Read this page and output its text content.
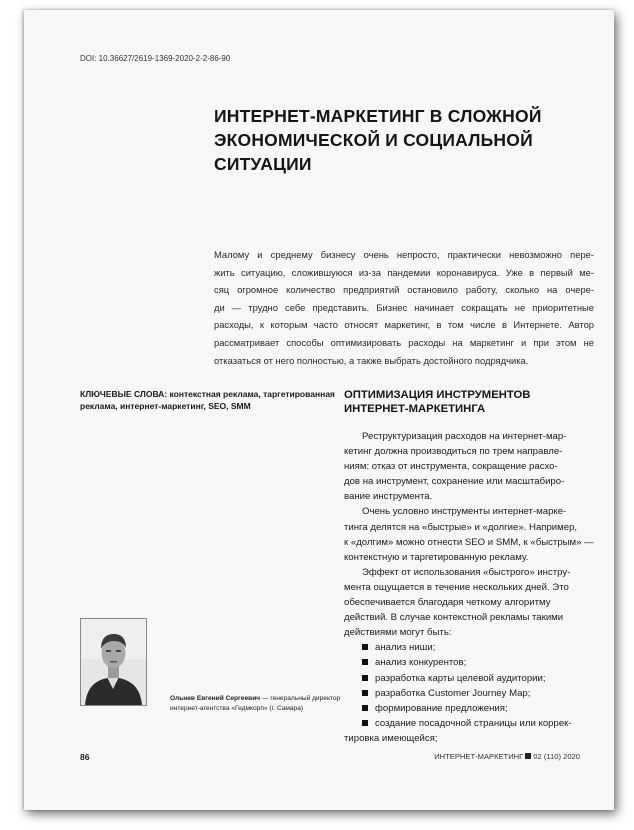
DOI: 10.36627/2619-1369-2020-2-2-86-90
ИНТЕРНЕТ-МАРКЕТИНГ В СЛОЖНОЙ
ЭКОНОМИЧЕСКОЙ И СОЦИАЛЬНОЙ
СИТУАЦИИ
Малому и среднему бизнесу очень непросто, практически невозможно пере-
жить ситуацию, сложившуюся из-за пандемии коронавируса. Уже в первый ме-
сяц огромное количество предприятий остановило работу, сколько на очере-
ди — трудно себе представить. Бизнес начинает сокращать не приоритетные
расходы, к которым часто относят маркетинг, в том числе в Интернете. Автор
рассматривает способы оптимизировать расходы на маркетинг и при этом не
отказаться от него полностью, а также выбрать достойного подрядчика.
КЛЮЧЕВЫЕ СЛОВА: контекстная реклама, таргетированная
реклама, интернет-маркетинг, SEO, SMM
ОПТИМИЗАЦИЯ ИНСТРУМЕНТОВ
ИНТЕРНЕТ-МАРКЕТИНГА
Реструктуризация расходов на интернет-мар-
кетинг должна производиться по трем направле-
ниям: отказ от инструмента, сокращение расхо-
дов на инструмент, сохранение или масштабиро-
вание инструмента.
Очень условно инструменты интернет-марке-
тинга делятся на «быстрые» и «долгие». Например,
к «долгим» можно отнести SEO и SMM, к «быстрым» —
контекстную и таргетированную рекламу.
Эффект от использования «быстрого» инстру-
мента ощущается в течение нескольких дней. Это
обеспечивается благодаря четкому алгоритму
действий. В случае контекстной рекламы такими
действиями могут быть:
анализ ниши;
анализ конкурентов;
разработка карты целевой аудитории;
разработка Customer Journey Map;
формирование предложения;
создание посадочной страницы или коррек-
тировка имеющейся;
Ольнев Евгений Сергеевич — генеральный директор
интернет-агентства «Гедмкорп» (г. Самара)
86	ИНТЕРНЕТ-МАРКЕТИНГ 02 (110) 2020
